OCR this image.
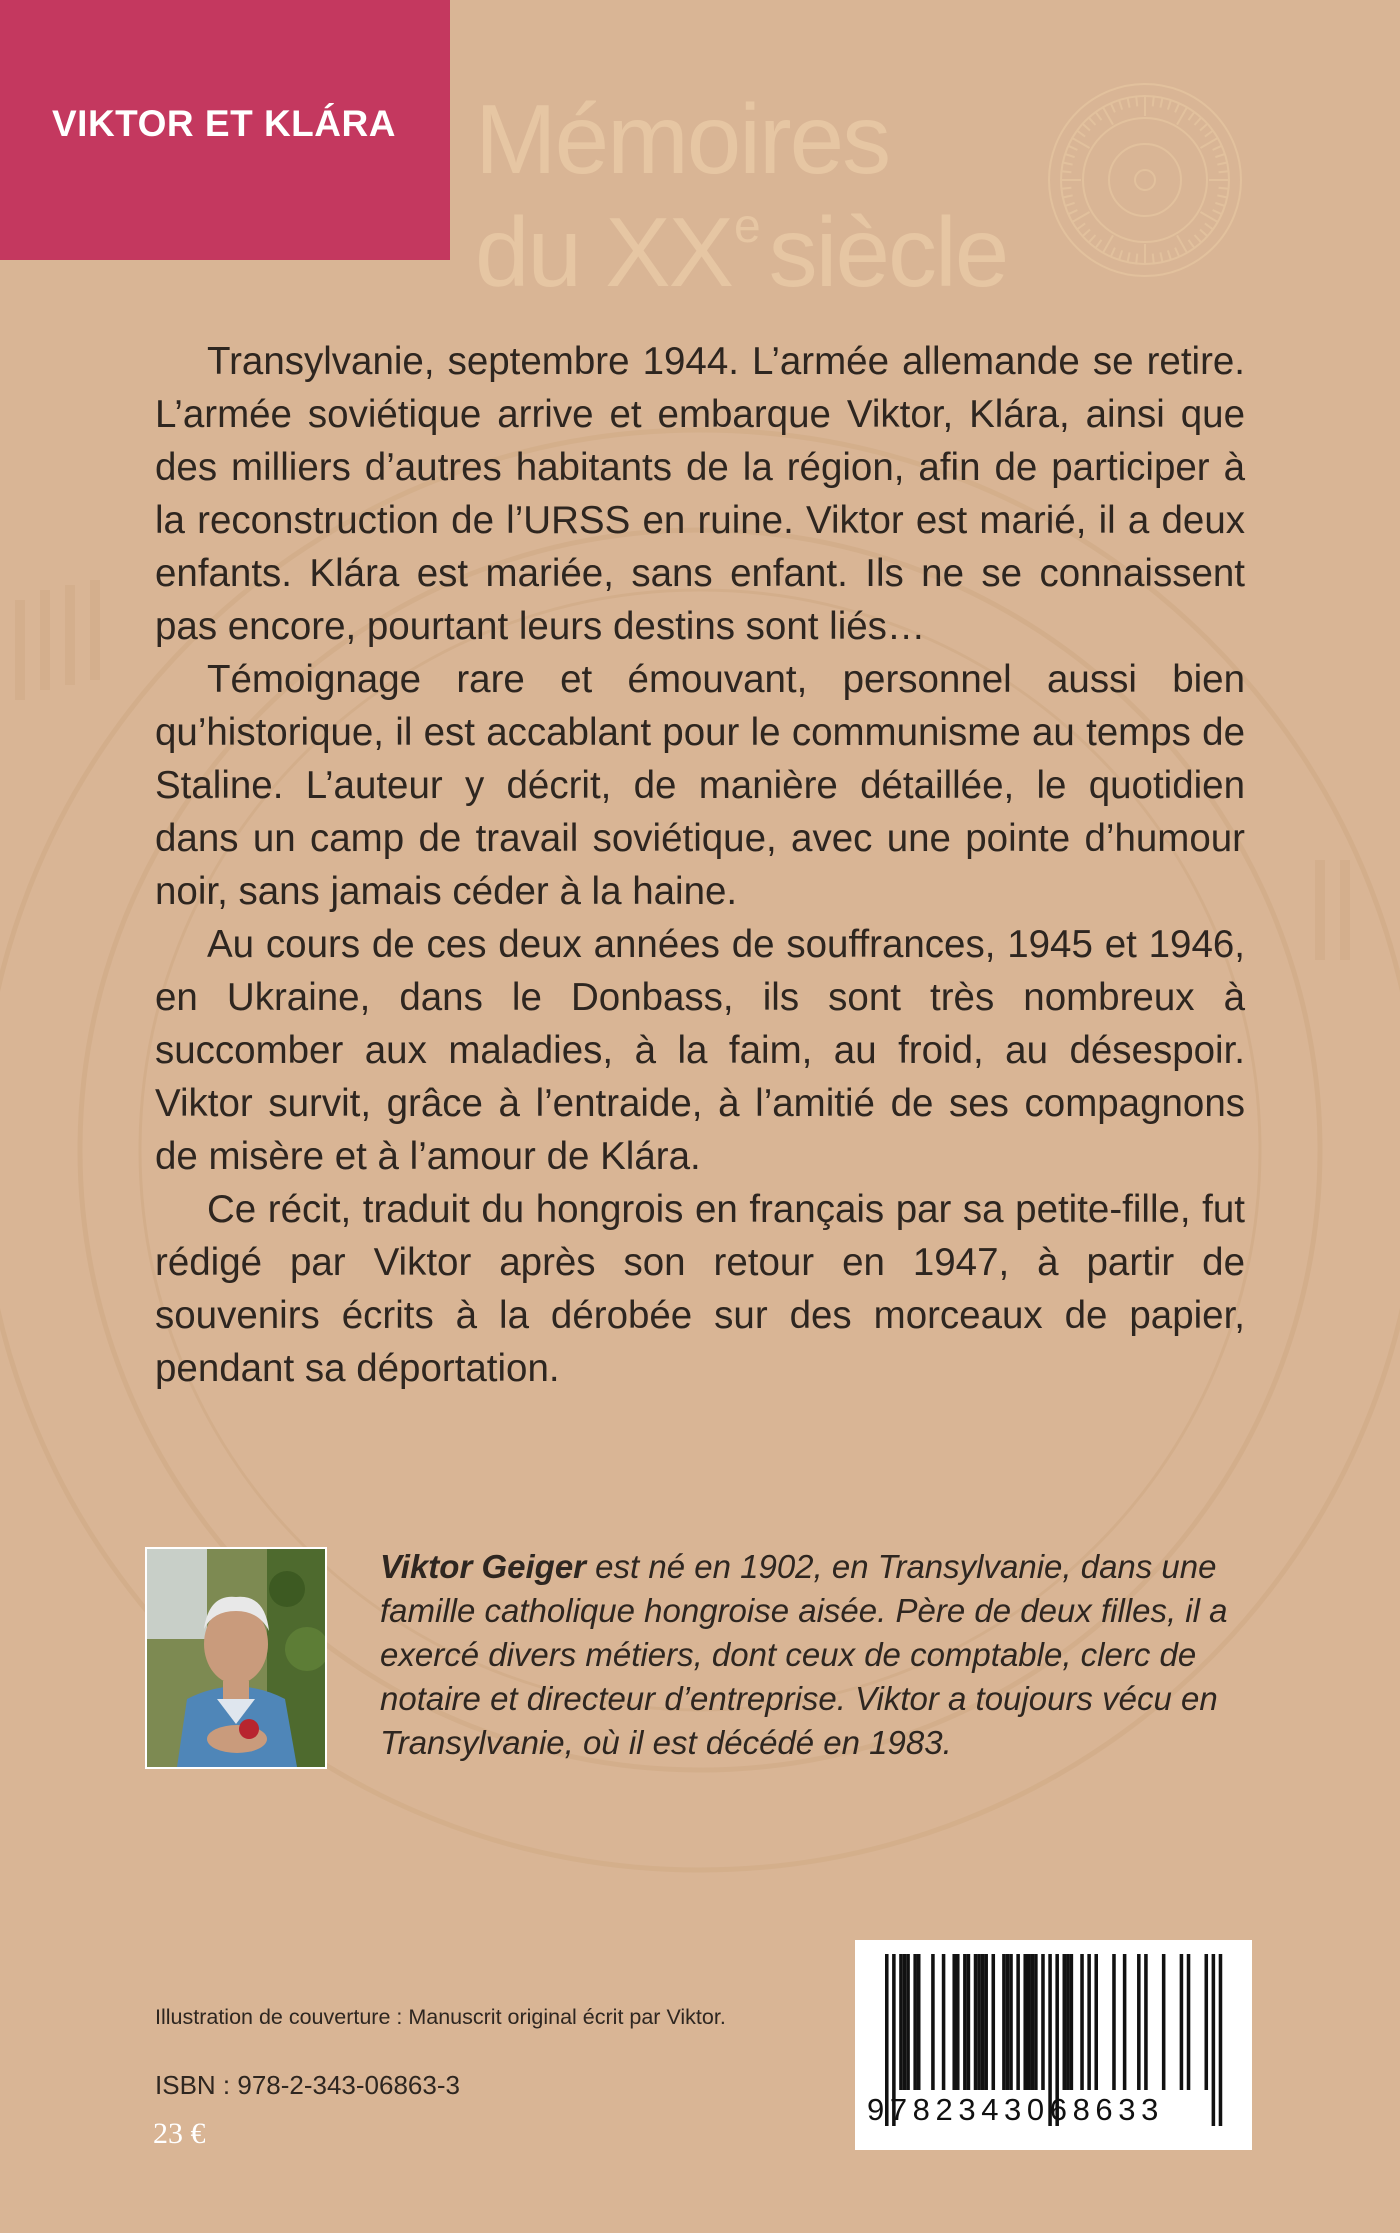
VIKTOR ET KLÁRA Mémoires
du XXe siècle

Transylvanie, septembre 1944. L’armée allemande se retire. L’armée soviétique arrive et embarque Viktor, Klára, ainsi que des milliers d’autres habitants de la région, afin de participer à la reconstruction de l’URSS en ruine. Viktor est marié, il a deux enfants. Klára est mariée, sans enfant. Ils ne se connaissent pas encore, pourtant leurs destins sont liés…

Témoignage rare et émouvant, personnel aussi bien qu’historique, il est accablant pour le communisme au temps de Staline. L’auteur y décrit, de manière détaillée, le quotidien dans un camp de travail soviétique, avec une pointe d’humour noir, sans jamais céder à la haine.

Au cours de ces deux années de souffrances, 1945 et 1946, en Ukraine, dans le Donbass, ils sont très nombreux à succomber aux maladies, à la faim, au froid, au désespoir. Viktor survit, grâce à l’entraide, à l’amitié de ses compagnons de misère et à l’amour de Klára.

Ce récit, traduit du hongrois en français par sa petite-fille, fut rédigé par Viktor après son retour en 1947, à partir de souvenirs écrits à la dérobée sur des morceaux de papier, pendant sa déportation.

Viktor Geiger est né en 1902, en Transylvanie, dans une famille catholique hongroise aisée. Père de deux filles, il a exercé divers métiers, dont ceux de comptable, clerc de notaire et directeur d’entreprise. Viktor a toujours vécu en Transylvanie, où il est décédé en 1983.
Illustration de couverture : Manuscrit original écrit par Viktor.
ISBN : 978-2-343-06863-3
23 €
9782343068633
